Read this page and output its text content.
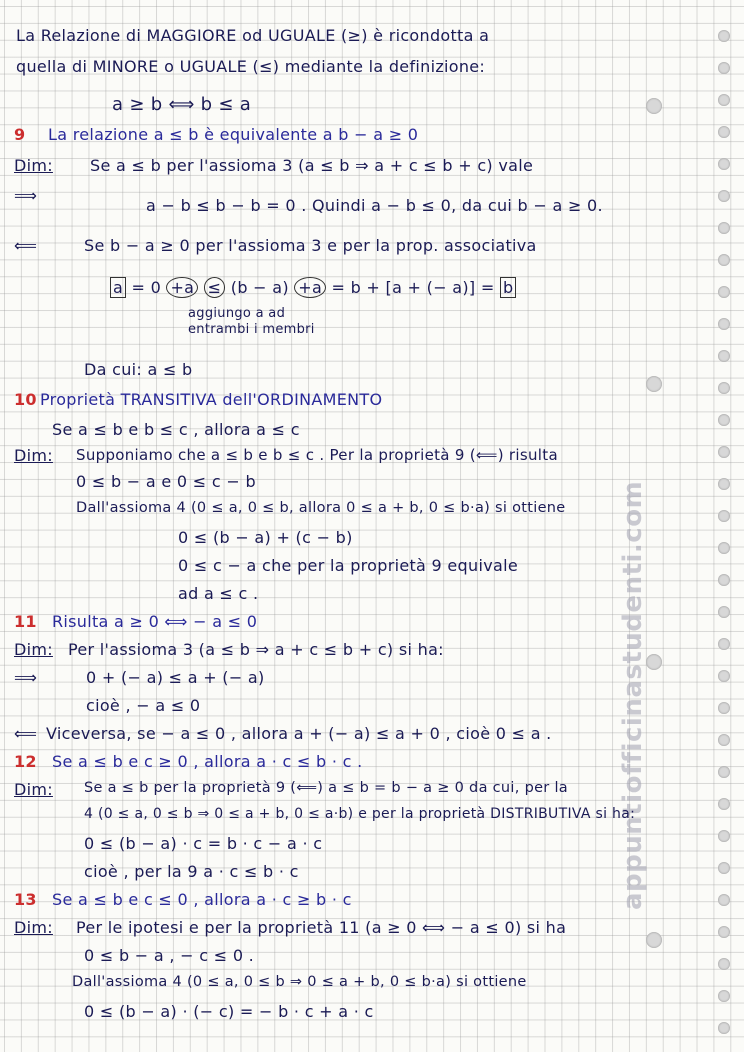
appuntiofficinastudenti.com
La Relazione di MAGGIORE od UGUALE (≥) è ricondotta a
quella di MINORE o UGUALE (≤) mediante la definizione:
a ≥ b ⟺ b ≤ a
9 La relazione a ≤ b è equivalente a b − a ≥ 0
Dim: Se a ≤ b per l'assioma 3 (a ≤ b ⇒ a + c ≤ b + c) vale
⟹
a − b ≤ b − b = 0 . Quindi a − b ≤ 0, da cui b − a ≥ 0.
⟸	Se b − a ≥ 0 per l'assioma 3 e per la prop. associativa
a = 0 +a ≤ (b − a) +a = b + [a + (− a)] = b
aggiungo a ad
entrambi i membri
Da cui: a ≤ b
10 Proprietà TRANSITIVA dell'ORDINAMENTO
Se a ≤ b e b ≤ c , allora a ≤ c
Dim: Supponiamo che a ≤ b e b ≤ c . Per la proprietà 9 (⟸) risulta
0 ≤ b − a e 0 ≤ c − b
Dall'assioma 4 (0 ≤ a, 0 ≤ b, allora 0 ≤ a + b, 0 ≤ b·a) si ottiene
0 ≤ (b − a) + (c − b)
0 ≤ c − a che per la proprietà 9 equivale
ad a ≤ c .
11 Risulta a ≥ 0 ⟺ − a ≤ 0
Dim: Per l'assioma 3 (a ≤ b ⇒ a + c ≤ b + c) si ha:
⟹	0 + (− a) ≤ a + (− a)
cioè , − a ≤ 0
⟸ Viceversa, se − a ≤ 0 , allora a + (− a) ≤ a + 0 , cioè 0 ≤ a .
12 Se a ≤ b e c ≥ 0 , allora a · c ≤ b · c .
Dim: Se a ≤ b per la proprietà 9 (⟸) a ≤ b = b − a ≥ 0 da cui, per la
4 (0 ≤ a, 0 ≤ b ⇒ 0 ≤ a + b, 0 ≤ a·b) e per la proprietà DISTRIBUTIVA si ha:
0 ≤ (b − a) · c = b · c − a · c
cioè , per la 9 a · c ≤ b · c
13 Se a ≤ b e c ≤ 0 , allora a · c ≥ b · c
Dim: Per le ipotesi e per la proprietà 11 (a ≥ 0 ⟺ − a ≤ 0) si ha
0 ≤ b − a , − c ≤ 0 .
Dall'assioma 4 (0 ≤ a, 0 ≤ b ⇒ 0 ≤ a + b, 0 ≤ b·a) si ottiene
0 ≤ (b − a) · (− c) = − b · c + a · c
